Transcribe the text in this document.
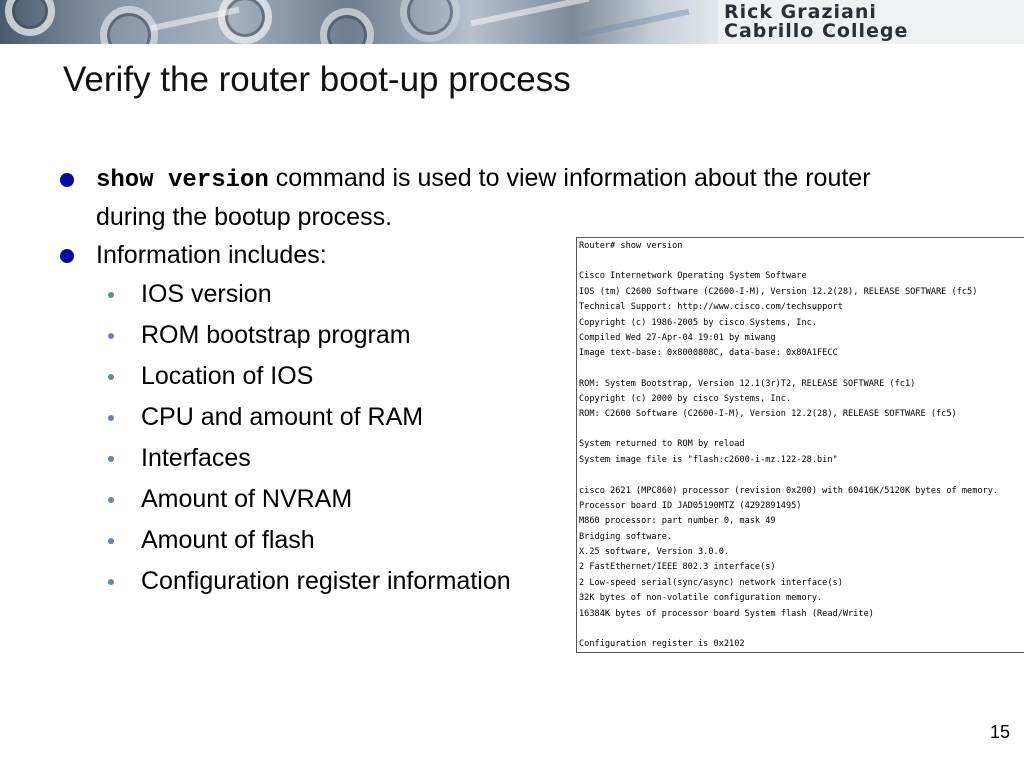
Rick Graziani
Cabrillo College
Verify the router boot-up process
show version command is used to view information about the router during the bootup process.
Information includes:
IOS version
ROM bootstrap program
Location of IOS
CPU and amount of RAM
Interfaces
Amount of NVRAM
Amount of flash
Configuration register information
Router# show version
Cisco Internetwork Operating System Software
IOS (tm) C2600 Software (C2600-I-M), Version 12.2(28), RELEASE SOFTWARE (fc5)
Technical Support: http://www.cisco.com/techsupport
Copyright (c) 1986-2005 by cisco Systems, Inc.
Compiled Wed 27-Apr-04 19:01 by miwang
Image text-base: 0x8000808C, data-base: 0x80A1FECC
ROM: System Bootstrap, Version 12.1(3r)T2, RELEASE SOFTWARE (fc1)
Copyright (c) 2000 by cisco Systems, Inc.
ROM: C2600 Software (C2600-I-M), Version 12.2(28), RELEASE SOFTWARE (fc5)
System returned to ROM by reload
System image file is "flash:c2600-i-mz.122-28.bin"
cisco 2621 (MPC860) processor (revision 0x200) with 60416K/5120K bytes of memory.
Processor board ID JAD05190MTZ (4292891495)
M860 processor: part number 0, mask 49
Bridging software.
X.25 software, Version 3.0.0.
2 FastEthernet/IEEE 802.3 interface(s)
2 Low-speed serial(sync/async) network interface(s)
32K bytes of non-volatile configuration memory.
16384K bytes of processor board System flash (Read/Write)
Configuration register is 0x2102
15
